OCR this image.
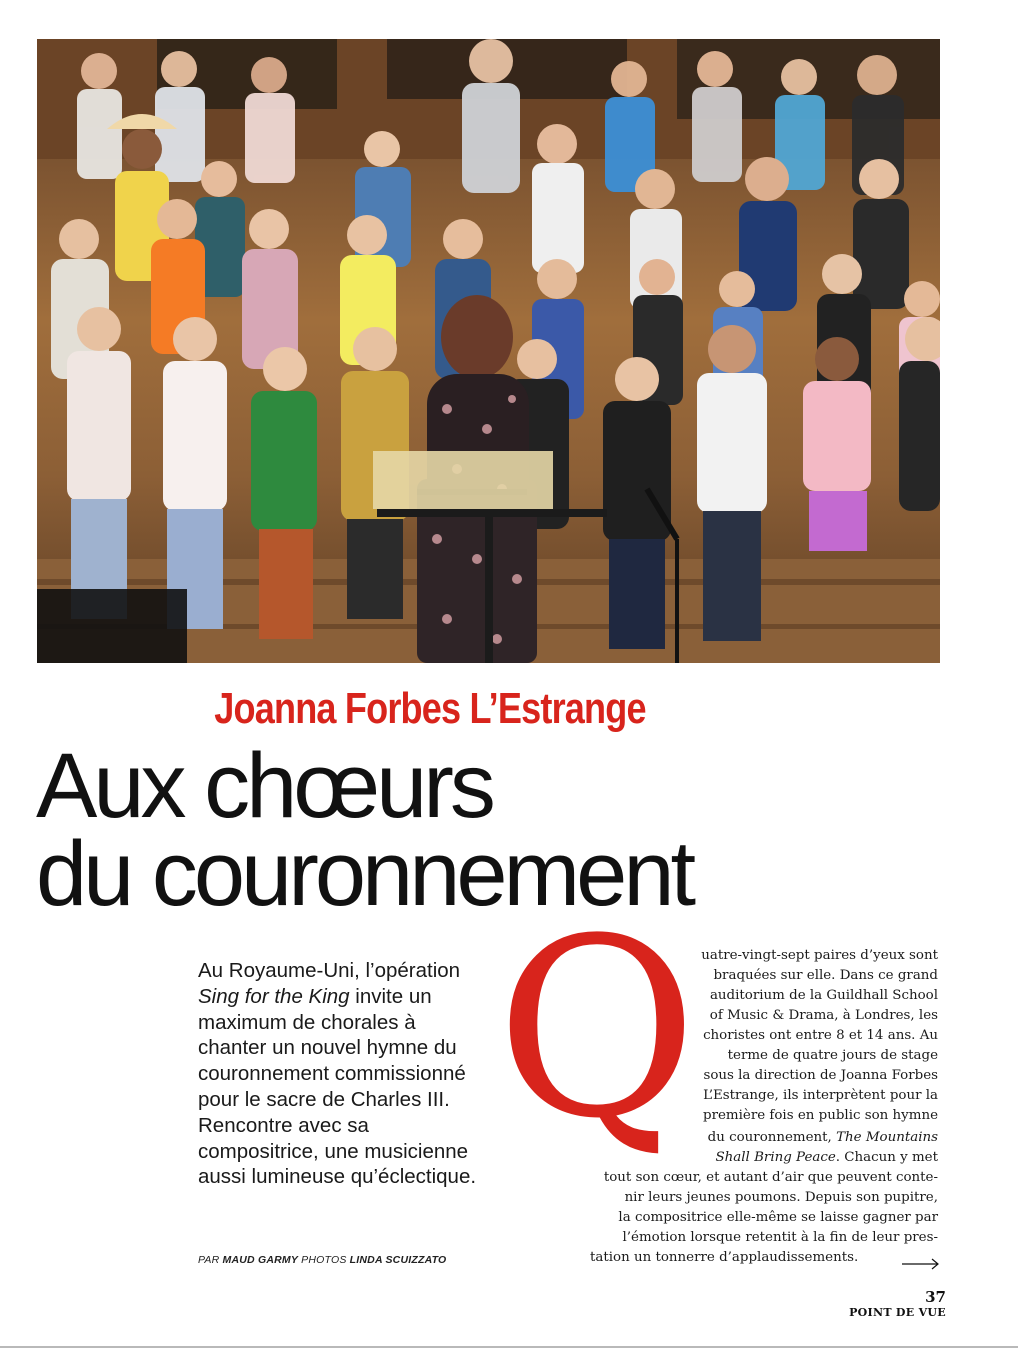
Joanna Forbes L’Estrange
Aux chœurs
du couronnement
Au Royaume-Uni, l’opération Sing for the King invite un maximum de chorales à chanter un nouvel hymne du couronnement commissionné pour le sacre de Charles III. Rencontre avec sa compositrice, une musicienne aussi lumineuse qu’éclectique.
PAR MAUD GARMY PHOTOS LINDA SCUIZZATO
Q uatre-vingt-sept paires d’yeux sont
braquées sur elle. Dans ce grand
auditorium de la Guildhall School
of Music & Drama, à Londres, les
choristes ont entre 8 et 14 ans. Au
terme de quatre jours de stage
sous la direction de Joanna Forbes
L’Estrange, ils interprètent pour la
première fois en public son hymne
du couronnement, The Mountains
Shall Bring Peace. Chacun y met
tout son cœur, et autant d’air que peuvent conte-
nir leurs jeunes poumons. Depuis son pupitre,
la compositrice elle-même se laisse gagner par
l’émotion lorsque retentit à la fin de leur pres-
tation un tonnerre d’applaudissements.
37
POINT DE VUE
